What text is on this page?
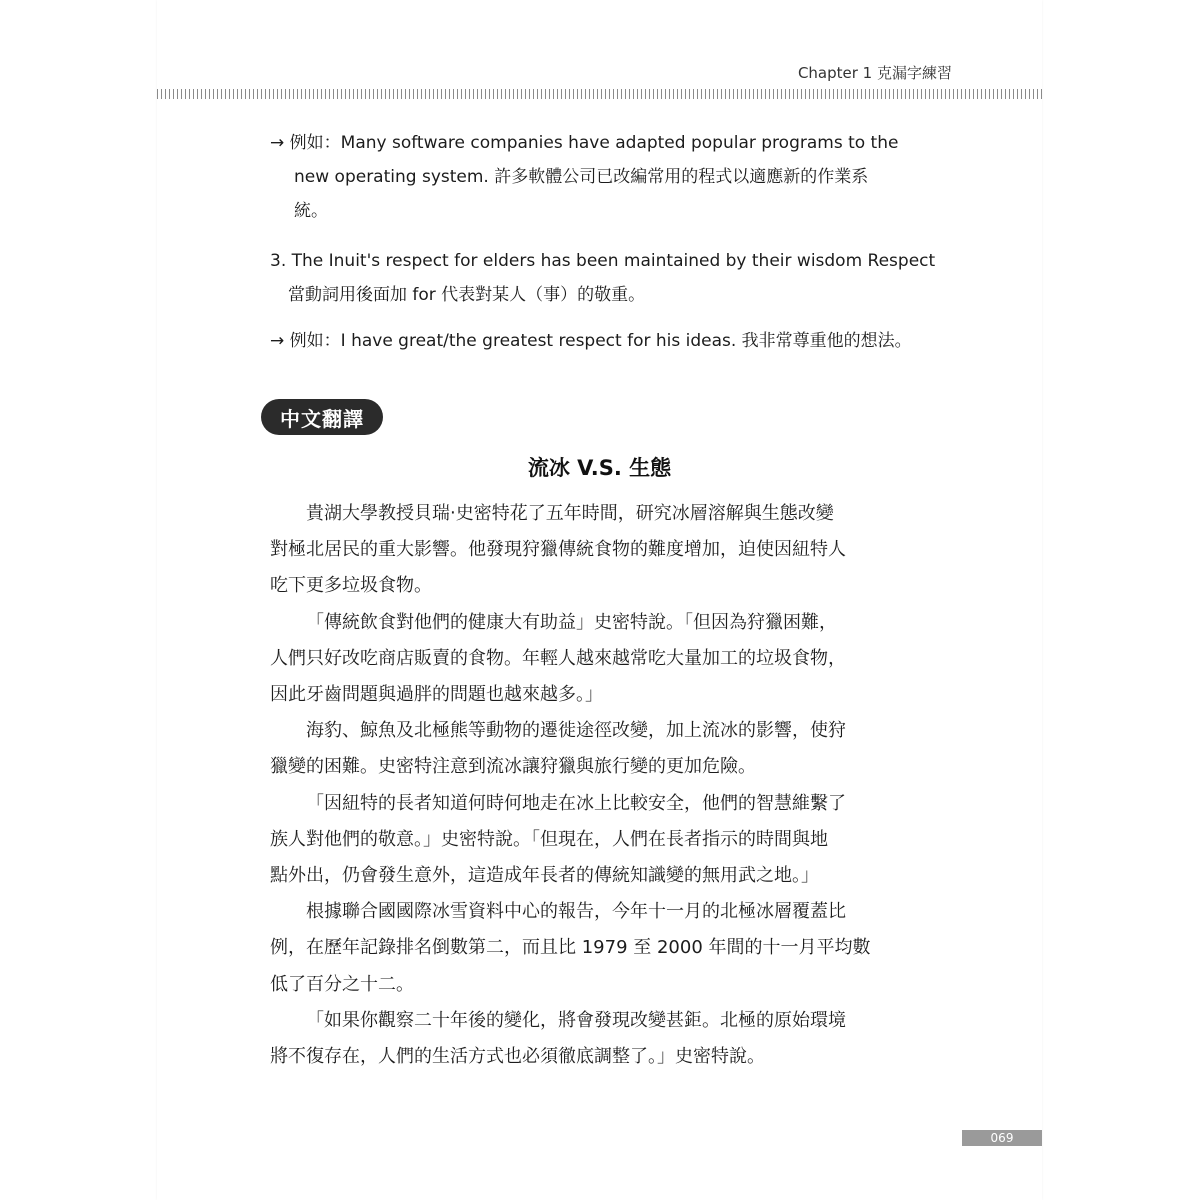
Chapter 1 克漏字練習
→ 例如：Many software companies have adapted popular programs to the
new operating system. 許多軟體公司已改編常用的程式以適應新的作業系
統。
3. The Inuit's respect for elders has been maintained by their wisdom Respect
當動詞用後面加 for 代表對某人（事）的敬重。
→ 例如：I have great/the greatest respect for his ideas. 我非常尊重他的想法。
中文翻譯
流冰 V.S. 生態
貴湖大學教授貝瑞‧史密特花了五年時間，研究冰層溶解與生態改變
對極北居民的重大影響。他發現狩獵傳統食物的難度增加，迫使因紐特人
吃下更多垃圾食物。
「傳統飲食對他們的健康大有助益」史密特說。「但因為狩獵困難，
人們只好改吃商店販賣的食物。年輕人越來越常吃大量加工的垃圾食物，
因此牙齒問題與過胖的問題也越來越多。」
海豹、鯨魚及北極熊等動物的遷徙途徑改變，加上流冰的影響，使狩
獵變的困難。史密特注意到流冰讓狩獵與旅行變的更加危險。
「因紐特的長者知道何時何地走在冰上比較安全，他們的智慧維繫了
族人對他們的敬意。」史密特說。「但現在，人們在長者指示的時間與地
點外出，仍會發生意外，這造成年長者的傳統知識變的無用武之地。」
根據聯合國國際冰雪資料中心的報告，今年十一月的北極冰層覆蓋比
例，在歷年記錄排名倒數第二，而且比 1979 至 2000 年間的十一月平均數
低了百分之十二。
「如果你觀察二十年後的變化，將會發現改變甚鉅。北極的原始環境
將不復存在，人們的生活方式也必須徹底調整了。」史密特說。
069
